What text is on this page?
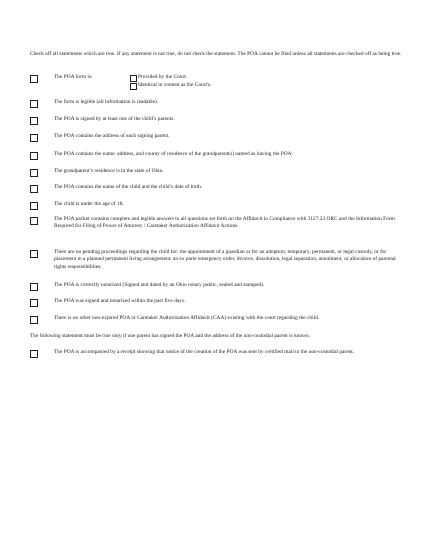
Check off all statements which are true. If any statement is not true, do not check the statement. The POA cannot be filed unless all statements are checked off as being true.
The POA form is:	Provided by the Court.
Identical in content as the Court's.
The form is legible (all information is readable).
The POA is signed by at least one of the child’s parents.
The POA contains the address of each signing parent.
The POA contains the name. address, and county of residence of the grandparent(s) named as having the POA.
The grandparent’s residence is in the state of Ohio.
The POA contains the name of the child and the child’s date of birth.
The child is under the age of 18.
The POA packet contains complete and legible answers to all questions set forth on the Affidavit in Compliance with 3127.23 ORC and the Information Form Required for Filing of Power of Attorney / Caretaker Authorization Affidavit Actions.
There are no pending proceedings regarding the child for: the appointment of a guardian or for an adoption; temporary, permanent, or legal custody, or for placement in a planned permanent living arrangement; an ex parte emergency order, divorce, dissolution, legal separation, annulment, or allocation of parental rights responsibilities.
The POA is correctly notarized (Signed and dated by an Ohio notary public, sealed and stamped).
The POA was signed and notarized within the past five days.
There is no other non-expired POA or Caretaker Authorization Affidavit (CAA) existing with the court regarding the child.
The following statement must be true only if one parent has signed the POA and the address of the non-custodial parent is known.
The POA is accompanied by a receipt showing that notice of the creation of the POA was sent by certified mail to the non-custodial parent.
